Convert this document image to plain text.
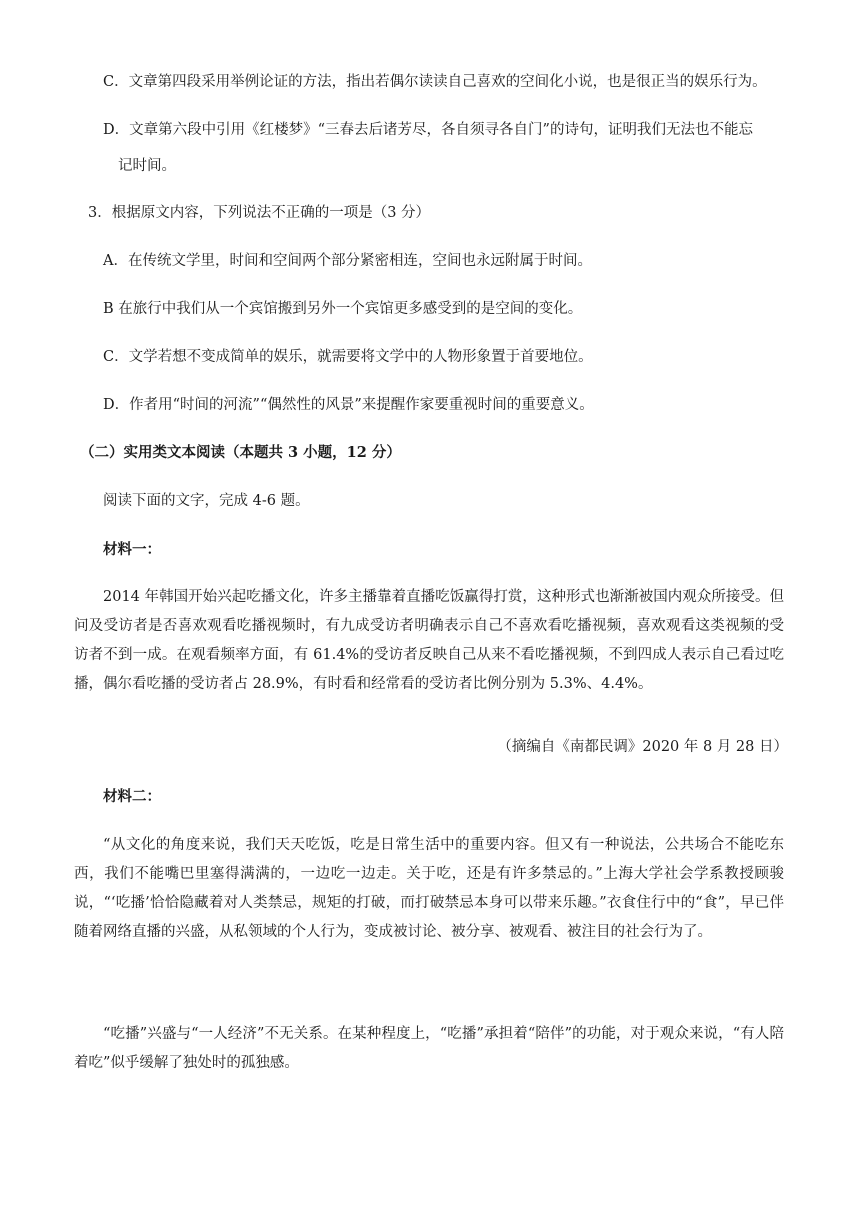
C．文章第四段采用举例论证的方法，指出若偶尔读读自己喜欢的空间化小说，也是很正当的娱乐行为。
D．文章第六段中引用《红楼梦》“三春去后诸芳尽，各自须寻各自门”的诗句，证明我们无法也不能忘
记时间。
3．根据原文内容，下列说法不正确的一项是（3 分）
A．在传统文学里，时间和空间两个部分紧密相连，空间也永远附属于时间。
B 在旅行中我们从一个宾馆搬到另外一个宾馆更多感受到的是空间的变化。
C．文学若想不变成简单的娱乐，就需要将文学中的人物形象置于首要地位。
D．作者用“时间的河流”“偶然性的风景”来提醒作家要重视时间的重要意义。
（二）实用类文本阅读（本题共 3 小题，12 分）
阅读下面的文字，完成 4-6 题。
材料一：

2014 年韩国开始兴起吃播文化，许多主播靠着直播吃饭赢得打赏，这种形式也渐渐被国内观众所接受。但问及受访者是否喜欢观看吃播视频时，有九成受访者明确表示自己不喜欢看吃播视频，喜欢观看这类视频的受访者不到一成。在观看频率方面，有 61.4%的受访者反映自己从来不看吃播视频，不到四成人表示自己看过吃播，偶尔看吃播的受访者占 28.9%，有时看和经常看的受访者比例分别为 5.3%、4.4%。

（摘编自《南都民调》2020 年 8 月 28 日）
材料二：

“从文化的角度来说，我们天天吃饭，吃是日常生活中的重要内容。但又有一种说法，公共场合不能吃东西，我们不能嘴巴里塞得满满的，一边吃一边走。关于吃，还是有许多禁忌的。”上海大学社会学系教授顾骏说，“‘吃播’恰恰隐藏着对人类禁忌，规矩的打破，而打破禁忌本身可以带来乐趣。”衣食住行中的“食”，早已伴随着网络直播的兴盛，从私领域的个人行为，变成被讨论、被分享、被观看、被注目的社会行为了。

“吃播”兴盛与“一人经济”不无关系。在某种程度上，“吃播”承担着“陪伴”的功能，对于观众来说，“有人陪着吃”似乎缓解了独处时的孤独感。
